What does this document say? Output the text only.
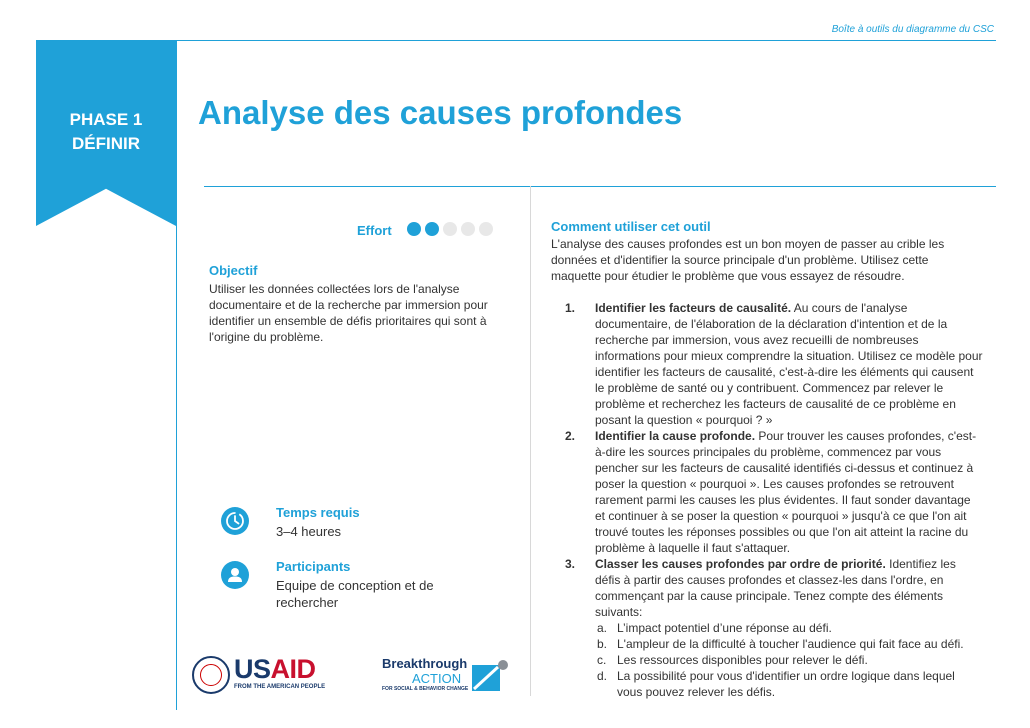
Boîte à outils du diagramme du CSC
PHASE 1
DÉFINIR
Analyse des causes profondes
Effort
Objectif
Utiliser les données collectées lors de l'analyse documentaire et de la recherche par immersion pour identifier un ensemble de défis prioritaires qui sont à l'origine du problème.
Temps requis
3–4 heures
Participants
Equipe de conception et de rechercher
Comment utiliser cet outil
L'analyse des causes profondes est un bon moyen de passer au crible les données et d'identifier la source principale d'un problème. Utilisez cette maquette pour étudier le problème que vous essayez de résoudre.
1. Identifier les facteurs de causalité. Au cours de l'analyse documentaire, de l'élaboration de la déclaration d'intention et de la recherche par immersion, vous avez recueilli de nombreuses informations pour mieux comprendre la situation. Utilisez ce modèle pour identifier les facteurs de causalité, c'est-à-dire les éléments qui causent le problème de santé ou y contribuent. Commencez par relever le problème et recherchez les facteurs de causalité de ce problème en posant la question « pourquoi ? »
2. Identifier la cause profonde. Pour trouver les causes profondes, c'est-à-dire les sources principales du problème, commencez par vous pencher sur les facteurs de causalité identifiés ci-dessus et continuez à poser la question « pourquoi ». Les causes profondes se retrouvent rarement parmi les causes les plus évidentes. Il faut sonder davantage et continuer à se poser la question « pourquoi » jusqu'à ce que l'on ait trouvé toutes les réponses possibles ou que l'on ait atteint la racine du problème à laquelle il faut s'attaquer.
3. Classer les causes profondes par ordre de priorité. Identifiez les défis à partir des causes profondes et classez-les dans l'ordre, en commençant par la cause principale. Tenez compte des éléments suivants:
a. L’impact potentiel d’une réponse au défi.
b. L'ampleur de la difficulté à toucher l'audience qui fait face au défi.
c. Les ressources disponibles pour relever le défi.
d. La possibilité pour vous d'identifier un ordre logique dans lequel vous pouvez relever les défis.
USAID
FROM THE AMERICAN PEOPLE
Breakthrough
ACTION
FOR SOCIAL & BEHAVIOR CHANGE
